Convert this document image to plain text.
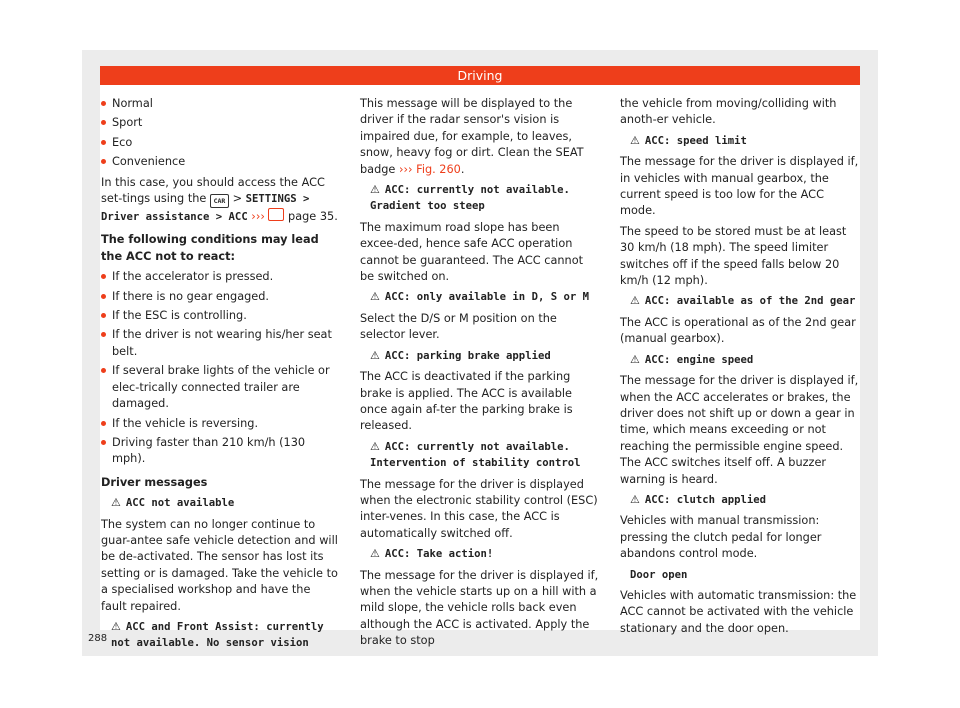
Driving
Normal
Sport
Eco
Convenience

In this case, you should access the ACC set-tings using the CAR > SETTINGS > Driver assistance > ACC ››› page 35.

The following conditions may lead the ACC not to react:

If the accelerator is pressed.
If there is no gear engaged.
If the ESC is controlling.
If the driver is not wearing his/her seat belt.
If several brake lights of the vehicle or elec-trically connected trailer are damaged.
If the vehicle is reversing.
Driving faster than 210 km/h (130 mph).

Driver messages

⚠ ACC not available

The system can no longer continue to guar-antee safe vehicle detection and will be de-activated. The sensor has lost its setting or is damaged. Take the vehicle to a specialised workshop and have the fault repaired.

⚠ ACC and Front Assist: currently not available. No sensor vision

This message will be displayed to the driver if the radar sensor's vision is impaired due, for example, to leaves, snow, heavy fog or dirt. Clean the SEAT badge ››› Fig. 260.

⚠ ACC: currently not available. Gradient too steep

The maximum road slope has been excee-ded, hence safe ACC operation cannot be guaranteed. The ACC cannot be switched on.

⚠ ACC: only available in D, S or M

Select the D/S or M position on the selector lever.

⚠ ACC: parking brake applied

The ACC is deactivated if the parking brake is applied. The ACC is available once again af-ter the parking brake is released.

⚠ ACC: currently not available. Intervention of stability control

The message for the driver is displayed when the electronic stability control (ESC) inter-venes. In this case, the ACC is automatically switched off.

⚠ ACC: Take action!

The message for the driver is displayed if, when the vehicle starts up on a hill with a mild slope, the vehicle rolls back even although the ACC is activated. Apply the brake to stop

the vehicle from moving/colliding with anoth-er vehicle.

⚠ ACC: speed limit

The message for the driver is displayed if, in vehicles with manual gearbox, the current speed is too low for the ACC mode.

The speed to be stored must be at least 30 km/h (18 mph). The speed limiter switches off if the speed falls below 20 km/h (12 mph).

⚠ ACC: available as of the 2nd gear

The ACC is operational as of the 2nd gear (manual gearbox).

⚠ ACC: engine speed

The message for the driver is displayed if, when the ACC accelerates or brakes, the driver does not shift up or down a gear in time, which means exceeding or not reaching the permissible engine speed. The ACC switches itself off. A buzzer warning is heard.

⚠ ACC: clutch applied

Vehicles with manual transmission: pressing the clutch pedal for longer abandons control mode.

Door open

Vehicles with automatic transmission: the ACC cannot be activated with the vehicle stationary and the door open.

288
